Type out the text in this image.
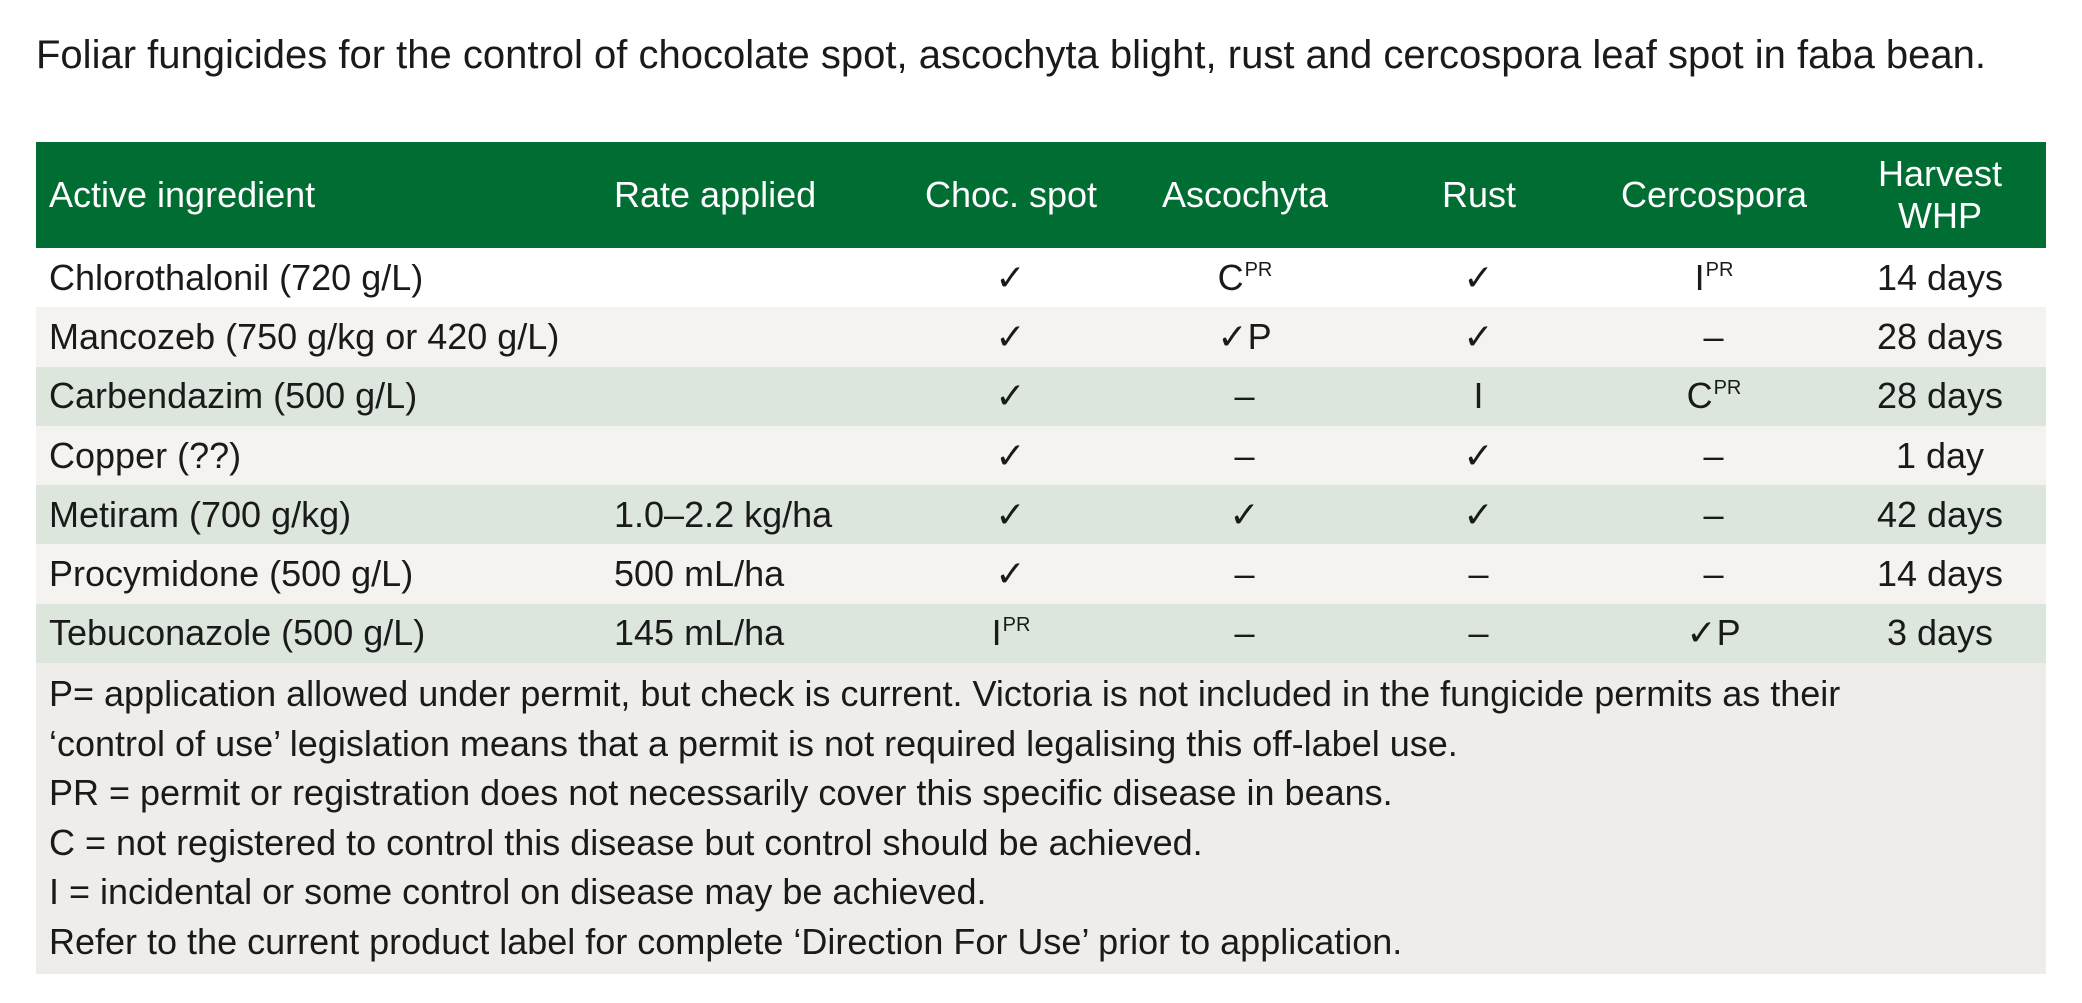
Foliar fungicides for the control of chocolate spot, ascochyta blight, rust and cercospora leaf spot in faba bean.

Active ingredient	Rate applied	Choc. spot	Ascochyta	Rust	Cercospora	Harvest
WHP

Chlorothalonil (720 g/L)		✓	$C^{PR}$	✓	$I^{PR}$	14 days
Mancozeb (750 g/kg or 420 g/L)		✓	✓P	✓	–	28 days
Carbendazim (500 g/L)		✓	–	I	$C^{PR}$	28 days
Copper (??)		✓	–	✓	–	1 day
Metiram (700 g/kg)	1.0–2.2 kg/ha	✓	✓	✓	–	42 days
Procymidone (500 g/L)	500 mL/ha	✓	–	–	–	14 days
Tebuconazole (500 g/L)	145 mL/ha	$I^{PR}$	–	–	✓P	3 days

P= application allowed under permit, but check is current. Victoria is not included in the fungicide permits as their

‘control of use’ legislation means that a permit is not required legalising this off-label use.

PR = permit or registration does not necessarily cover this specific disease in beans.

C = not registered to control this disease but control should be achieved.

I = incidental or some control on disease may be achieved.

Refer to the current product label for complete ‘Direction For Use’ prior to application.
